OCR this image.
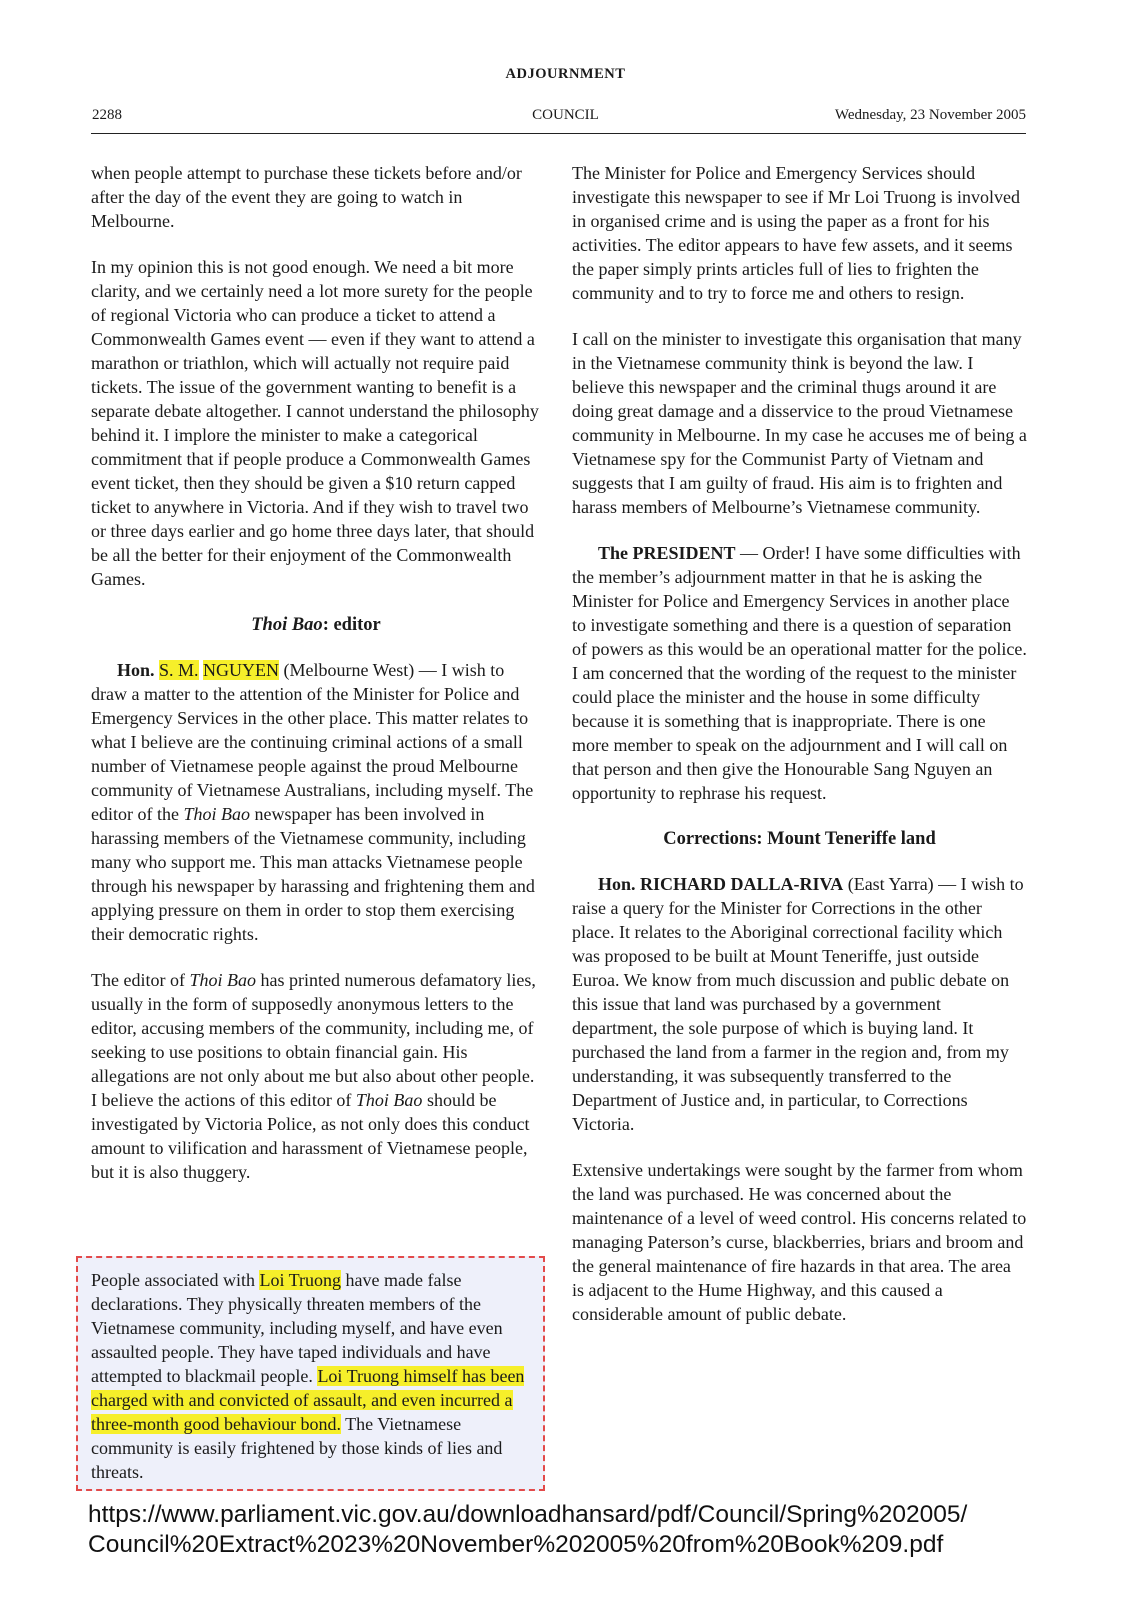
ADJOURNMENT
2288	COUNCIL	Wednesday, 23 November 2005

when people attempt to purchase these tickets before and/or after the day of the event they are going to watch in Melbourne.

In my opinion this is not good enough. We need a bit more clarity, and we certainly need a lot more surety for the people of regional Victoria who can produce a ticket to attend a Commonwealth Games event — even if they want to attend a marathon or triathlon, which will actually not require paid tickets. The issue of the government wanting to benefit is a separate debate altogether. I cannot understand the philosophy behind it. I implore the minister to make a categorical commitment that if people produce a Commonwealth Games event ticket, then they should be given a $10 return capped ticket to anywhere in Victoria. And if they wish to travel two or three days earlier and go home three days later, that should be all the better for their enjoyment of the Commonwealth Games.

Thoi Bao: editor

Hon. S. M. NGUYEN (Melbourne West) — I wish to draw a matter to the attention of the Minister for Police and Emergency Services in the other place. This matter relates to what I believe are the continuing criminal actions of a small number of Vietnamese people against the proud Melbourne community of Vietnamese Australians, including myself. The editor of the Thoi Bao newspaper has been involved in harassing members of the Vietnamese community, including many who support me. This man attacks Vietnamese people through his newspaper by harassing and frightening them and applying pressure on them in order to stop them exercising their democratic rights.

The editor of Thoi Bao has printed numerous defamatory lies, usually in the form of supposedly anonymous letters to the editor, accusing members of the community, including me, of seeking to use positions to obtain financial gain. His allegations are not only about me but also about other people. I believe the actions of this editor of Thoi Bao should be investigated by Victoria Police, as not only does this conduct amount to vilification and harassment of Vietnamese people, but it is also thuggery.

People associated with Loi Truong have made false declarations. They physically threaten members of the Vietnamese community, including myself, and have even assaulted people. They have taped individuals and have attempted to blackmail people. Loi Truong himself has been charged with and convicted of assault, and even incurred a three-month good behaviour bond. The Vietnamese community is easily frightened by those kinds of lies and threats.

The Minister for Police and Emergency Services should investigate this newspaper to see if Mr Loi Truong is involved in organised crime and is using the paper as a front for his activities. The editor appears to have few assets, and it seems the paper simply prints articles full of lies to frighten the community and to try to force me and others to resign.

I call on the minister to investigate this organisation that many in the Vietnamese community think is beyond the law. I believe this newspaper and the criminal thugs around it are doing great damage and a disservice to the proud Vietnamese community in Melbourne. In my case he accuses me of being a Vietnamese spy for the Communist Party of Vietnam and suggests that I am guilty of fraud. His aim is to frighten and harass members of Melbourne’s Vietnamese community.

The PRESIDENT — Order! I have some difficulties with the member’s adjournment matter in that he is asking the Minister for Police and Emergency Services in another place to investigate something and there is a question of separation of powers as this would be an operational matter for the police. I am concerned that the wording of the request to the minister could place the minister and the house in some difficulty because it is something that is inappropriate. There is one more member to speak on the adjournment and I will call on that person and then give the Honourable Sang Nguyen an opportunity to rephrase his request.

Corrections: Mount Teneriffe land

Hon. RICHARD DALLA-RIVA (East Yarra) — I wish to raise a query for the Minister for Corrections in the other place. It relates to the Aboriginal correctional facility which was proposed to be built at Mount Teneriffe, just outside Euroa. We know from much discussion and public debate on this issue that land was purchased by a government department, the sole purpose of which is buying land. It purchased the land from a farmer in the region and, from my understanding, it was subsequently transferred to the Department of Justice and, in particular, to Corrections Victoria.

Extensive undertakings were sought by the farmer from whom the land was purchased. He was concerned about the maintenance of a level of weed control. His concerns related to managing Paterson’s curse, blackberries, briars and broom and the general maintenance of fire hazards in that area. The area is adjacent to the Hume Highway, and this caused a considerable amount of public debate.

https://www.parliament.vic.gov.au/downloadhansard/pdf/Council/Spring%202005/
Council%20Extract%2023%20November%202005%20from%20Book%209.pdf
